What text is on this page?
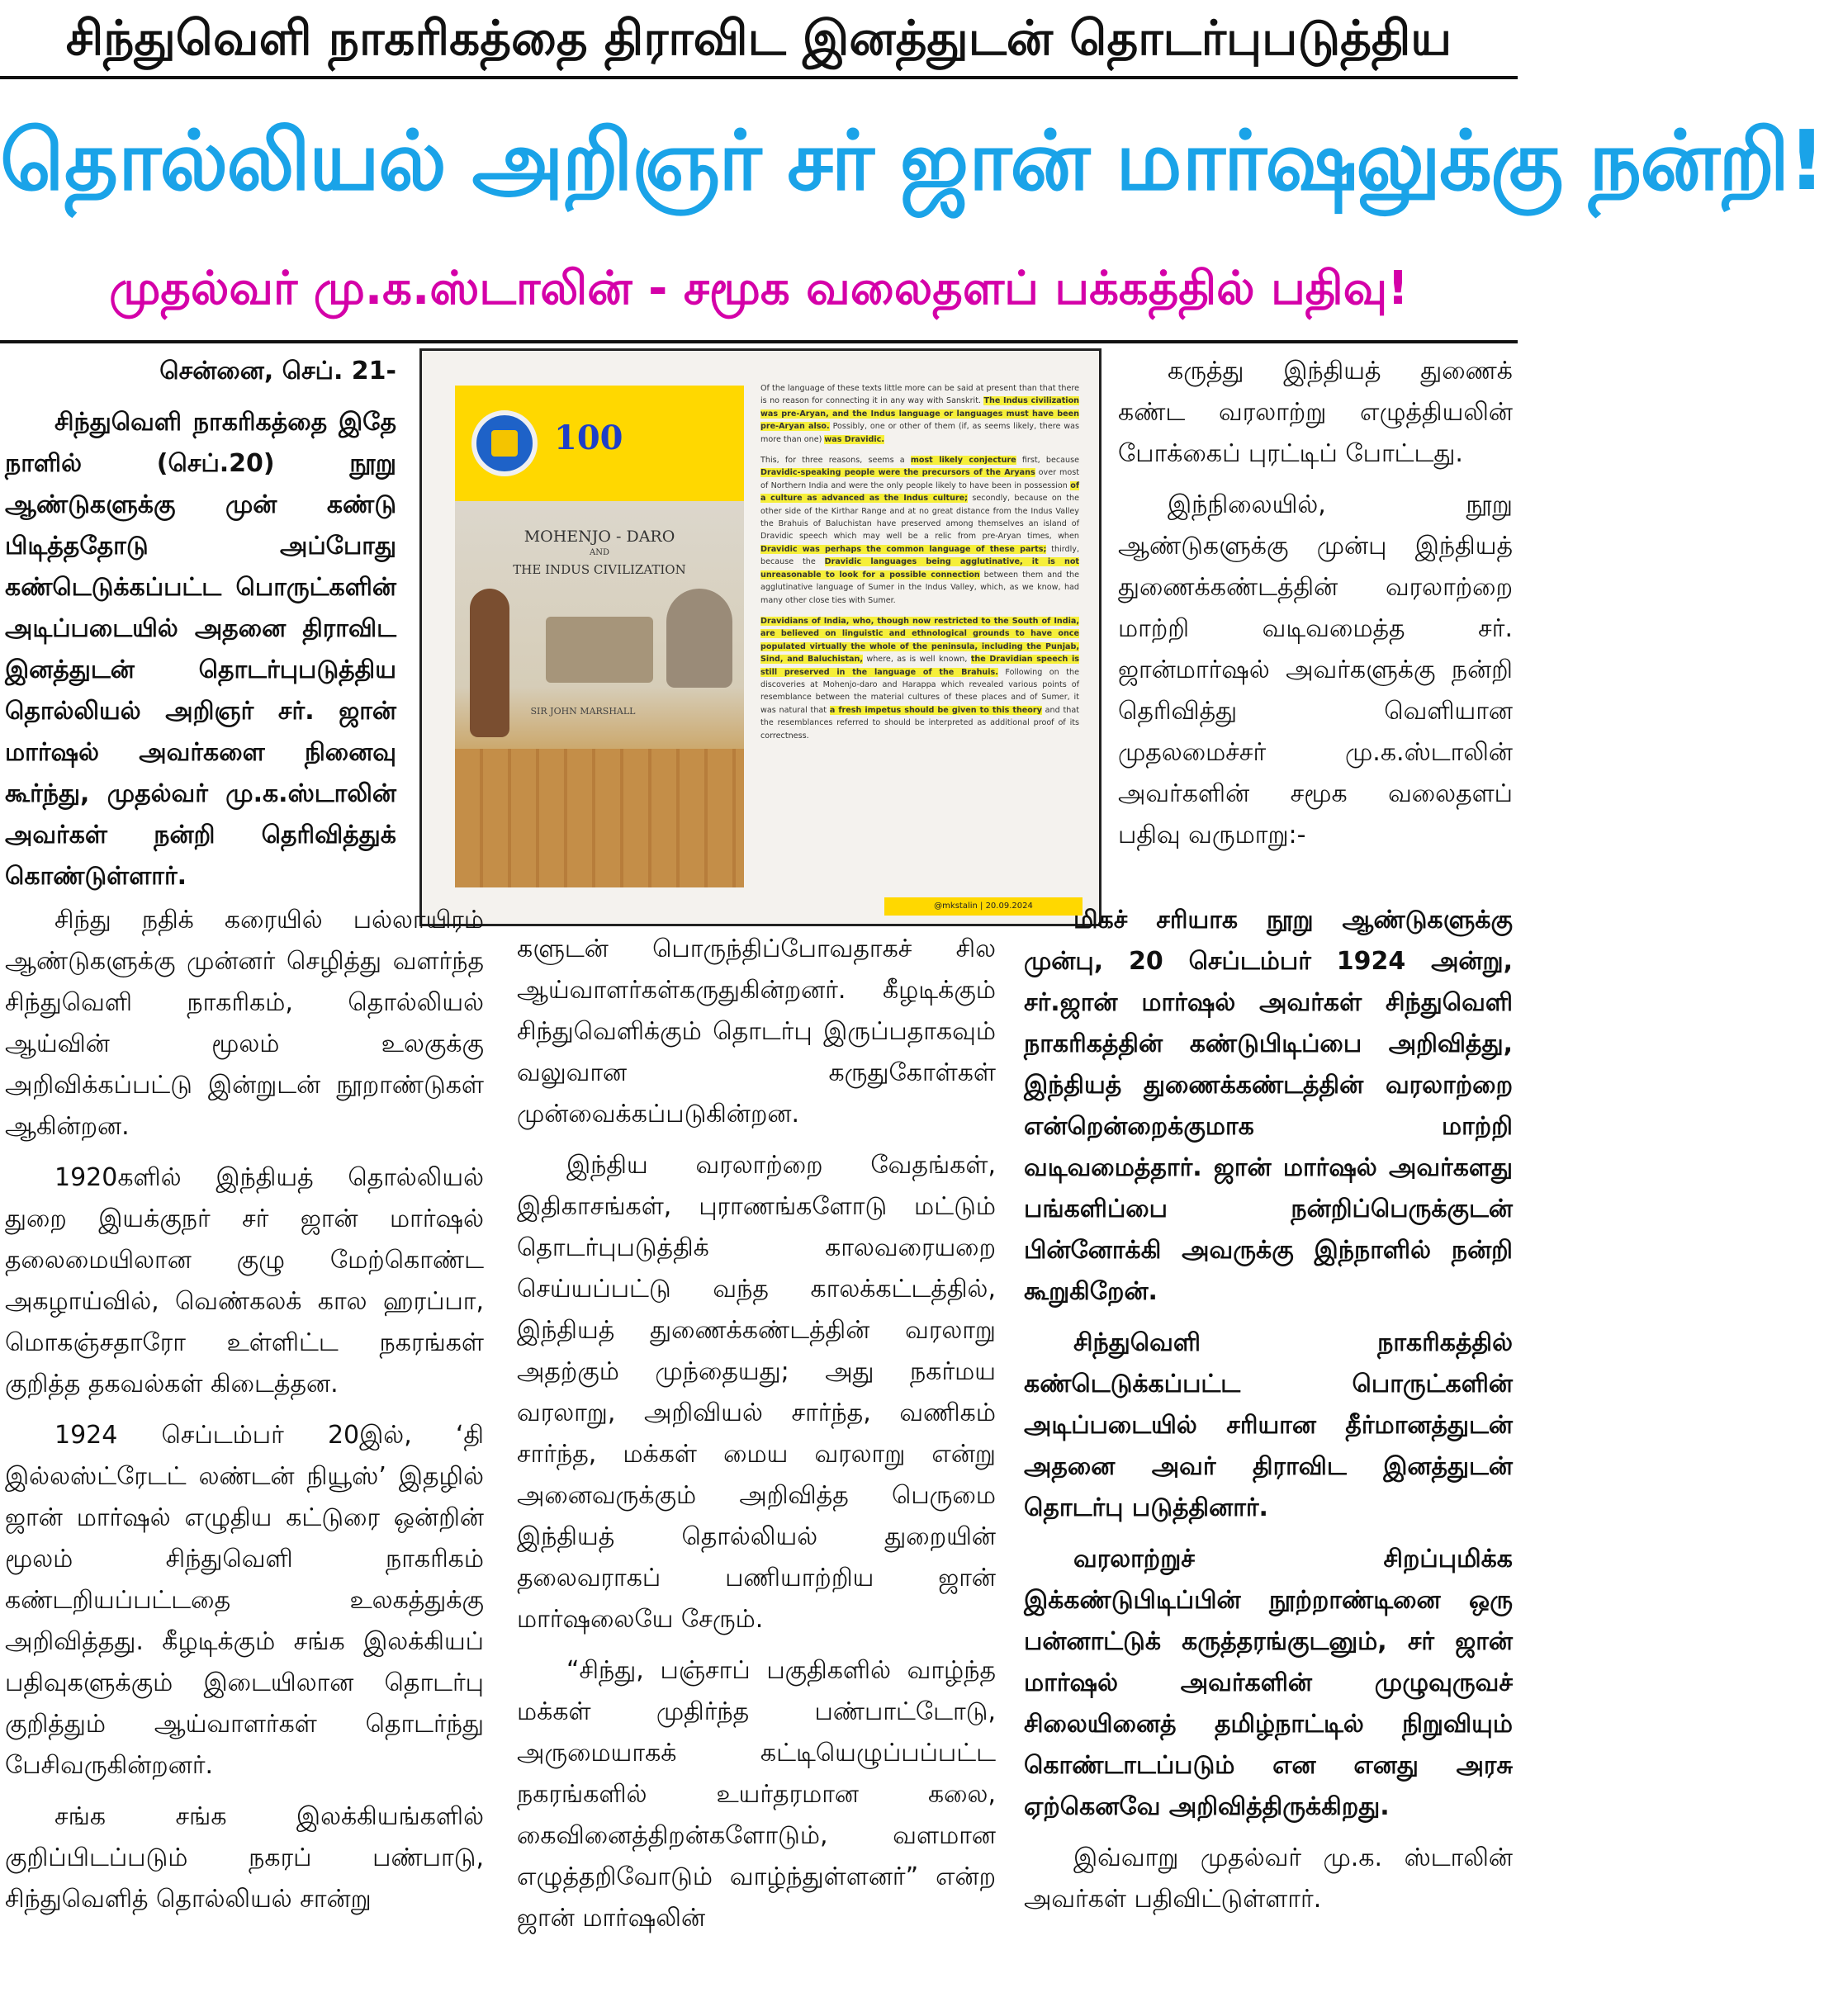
சிந்துவெளி நாகரிகத்தை திராவிட இனத்துடன் தொடர்புபடுத்திய
தொல்லியல் அறிஞர் சர் ஜான் மார்ஷலுக்கு நன்றி!
முதல்வர் மு.க.ஸ்டாலின் - சமூக வலைதளப் பக்கத்தில் பதிவு!

சென்னை, செப். 21-

சிந்துவெளி நாகரிகத்தை இதே நாளில் (செப்.20) நூறு ஆண்டுகளுக்கு முன் கண்டு பிடித்ததோடு அப்போது கண்டெடுக்கப்பட்ட பொருட்களின் அடிப்படையில் அதனை திராவிட இனத்துடன் தொடர்புபடுத்திய தொல்லியல் அறிஞர் சர். ஜான் மார்ஷல் அவர்களை நினைவு கூர்ந்து, முதல்வர் மு.க.ஸ்டாலின் அவர்கள் நன்றி தெரிவித்துக் கொண்டுள்ளார்.

100
MOHENJO - DARO
AND
THE INDUS CIVILIZATION
SIR JOHN MARSHALL

Of the language of these texts little more can be said at present than that there is no reason for connecting it in any way with Sanskrit. The Indus civilization was pre-Aryan, and the Indus language or languages must have been pre-Aryan also. Possibly, one or other of them (if, as seems likely, there was more than one) was Dravidic.

This, for three reasons, seems a most likely conjecture first, because Dravidic-speaking people were the precursors of the Aryans over most of Northern India and were the only people likely to have been in possession of a culture as advanced as the Indus culture; secondly, because on the other side of the Kirthar Range and at no great distance from the Indus Valley the Brahuis of Baluchistan have preserved among themselves an island of Dravidic speech which may well be a relic from pre-Aryan times, when Dravidic was perhaps the common language of these parts; thirdly, because the Dravidic languages being agglutinative, it is not unreasonable to look for a possible connection between them and the agglutinative language of Sumer in the Indus Valley, which, as we know, had many other close ties with Sumer.

Dravidians of India, who, though now restricted to the South of India, are believed on linguistic and ethnological grounds to have once populated virtually the whole of the peninsula, including the Punjab, Sind, and Baluchistan, where, as is well known, the Dravidian speech is still preserved in the language of the Brahuis. Following on the discoveries at Mohenjo-daro and Harappa which revealed various points of resemblance between the material cultures of these places and of Sumer, it was natural that a fresh impetus should be given to this theory and that the resemblances referred to should be interpreted as additional proof of its correctness.

@mkstalin | 20.09.2024

கருத்து இந்தியத் துணைக் கண்ட வரலாற்று எழுத்தியலின் போக்கைப் புரட்டிப் போட்டது.

இந்நிலையில், நூறு ஆண்டுகளுக்கு முன்பு இந்தியத் துணைக்கண்டத்தின் வரலாற்றை மாற்றி வடிவமைத்த சர். ஜான்மார்ஷல் அவர்களுக்கு நன்றி தெரிவித்து வெளியான முதலமைச்சர் மு.க.ஸ்டாலின் அவர்களின் சமூக வலைதளப் பதிவு வருமாறு:-

சிந்து நதிக் கரையில் பல்லாயிரம் ஆண்டுகளுக்கு முன்னர் செழித்து வளர்ந்த சிந்துவெளி நாகரிகம், தொல்லியல் ஆய்வின் மூலம் உலகுக்கு அறிவிக்கப்பட்டு இன்றுடன் நூறாண்டுகள் ஆகின்றன.

1920களில் இந்தியத் தொல்லியல் துறை இயக்குநர் சர் ஜான் மார்ஷல் தலைமையிலான குழு மேற்கொண்ட அகழாய்வில், வெண்கலக் கால ஹரப்பா, மொகஞ்சதாரோ உள்ளிட்ட நகரங்கள் குறித்த தகவல்கள் கிடைத்தன.

1924 செப்டம்பர் 20இல், ‘தி இல்லஸ்ட்ரேடட் லண்டன் நியூஸ்’ இதழில் ஜான் மார்ஷல் எழுதிய கட்டுரை ஒன்றின் மூலம் சிந்துவெளி நாகரிகம் கண்டறியப்பட்டதை உலகத்துக்கு அறிவித்தது. கீழடிக்கும் சங்க இலக்கியப் பதிவுகளுக்கும் இடையிலான தொடர்பு குறித்தும் ஆய்வாளர்கள் தொடர்ந்து பேசிவருகின்றனர்.

சங்க சங்க இலக்கியங்களில் குறிப்பிடப்படும் நகரப் பண்பாடு, சிந்துவெளித் தொல்லியல் சான்று

களுடன் பொருந்திப்போவதாகச் சில ஆய்வாளர்கள்கருதுகின்றனர். கீழடிக்கும் சிந்துவெளிக்கும் தொடர்பு இருப்பதாகவும் வலுவான கருதுகோள்கள் முன்வைக்கப்படுகின்றன.

இந்திய வரலாற்றை வேதங்கள், இதிகாசங்கள், புராணங்களோடு மட்டும் தொடர்புபடுத்திக் காலவரையறை செய்யப்பட்டு வந்த காலக்கட்டத்தில், இந்தியத் துணைக்கண்டத்தின் வரலாறு அதற்கும் முந்தையது; அது நகர்மய வரலாறு, அறிவியல் சார்ந்த, வணிகம் சார்ந்த, மக்கள் மைய வரலாறு என்று அனைவருக்கும் அறிவித்த பெருமை இந்தியத் தொல்லியல் துறையின் தலைவராகப் பணியாற்றிய ஜான் மார்ஷலையே சேரும்.

“சிந்து, பஞ்சாப் பகுதிகளில் வாழ்ந்த மக்கள் முதிர்ந்த பண்பாட்டோடு, அருமையாகக் கட்டியெழுப்பப்பட்ட நகரங்களில் உயர்தரமான கலை, கைவினைத்திறன்களோடும், வளமான எழுத்தறிவோடும் வாழ்ந்துள்ளனர்” என்ற ஜான் மார்ஷலின்

மிகச் சரியாக நூறு ஆண்டுகளுக்கு முன்பு, 20 செப்டம்பர் 1924 அன்று, சர்.ஜான் மார்ஷல் அவர்கள் சிந்துவெளி நாகரிகத்தின் கண்டுபிடிப்பை அறிவித்து, இந்தியத் துணைக்கண்டத்தின் வரலாற்றை என்றென்றைக்குமாக மாற்றி வடிவமைத்தார். ஜான் மார்ஷல் அவர்களது பங்களிப்பை நன்றிப்பெருக்குடன் பின்னோக்கி அவருக்கு இந்நாளில் நன்றி கூறுகிறேன்.

சிந்துவெளி நாகரிகத்தில் கண்டெடுக்கப்பட்ட பொருட்களின் அடிப்படையில் சரியான தீர்மானத்துடன் அதனை அவர் திராவிட இனத்துடன் தொடர்பு படுத்தினார்.

வரலாற்றுச் சிறப்புமிக்க இக்கண்டுபிடிப்பின் நூற்றாண்டினை ஒரு பன்னாட்டுக் கருத்தரங்குடனும், சர் ஜான் மார்ஷல் அவர்களின் முழுவுருவச் சிலையினைத் தமிழ்நாட்டில் நிறுவியும் கொண்டாடப்படும் என எனது அரசு ஏற்கெனவே அறிவித்திருக்கிறது.

இவ்வாறு முதல்வர் மு.க. ஸ்டாலின் அவர்கள் பதிவிட்டுள்ளார்.
